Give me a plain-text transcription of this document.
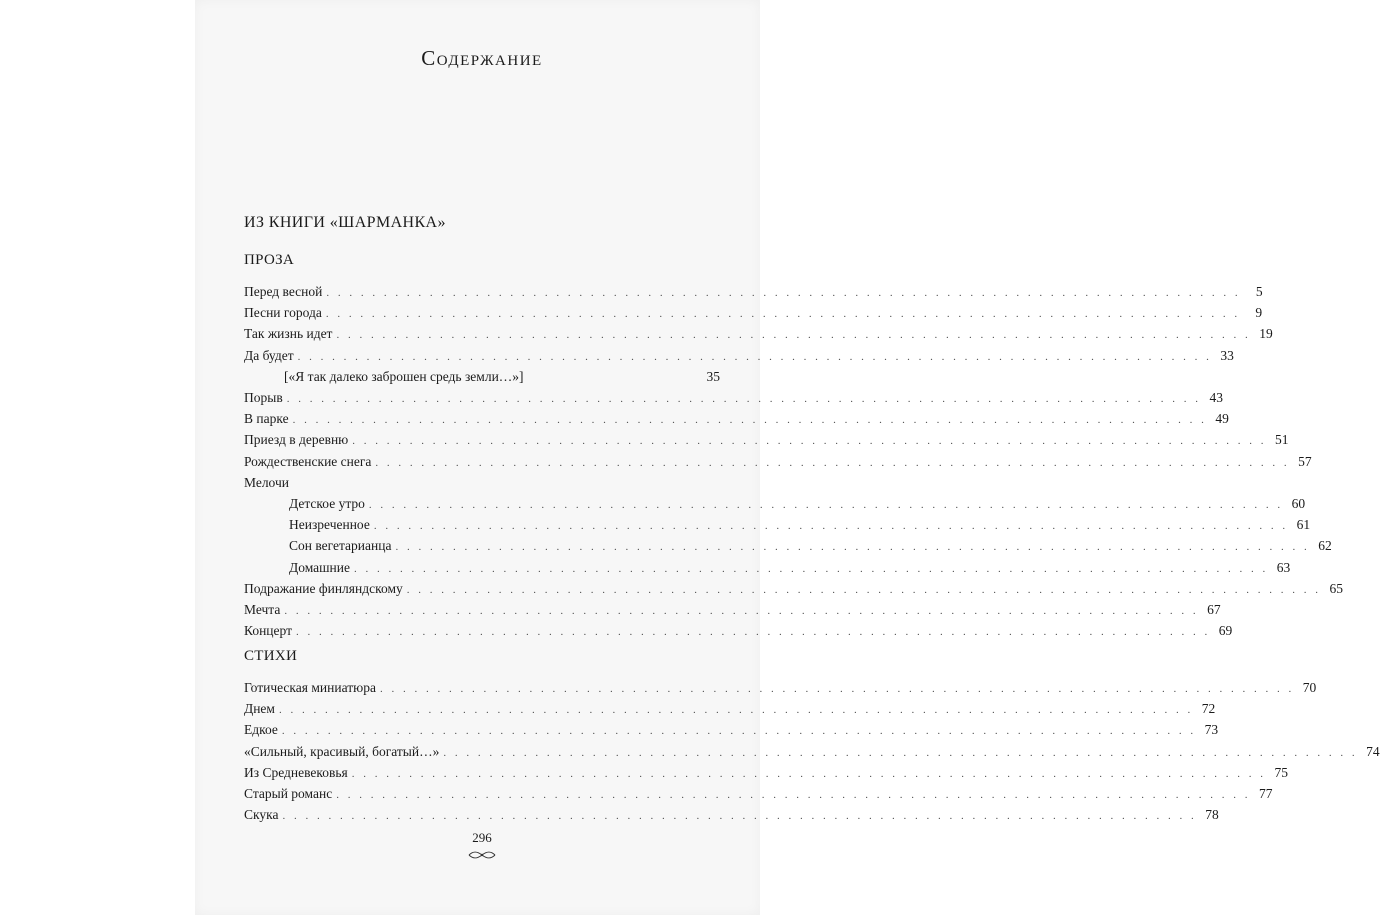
Содержание
ИЗ КНИГИ «ШАРМАНКА»
ПРОЗА
Перед весной . . . . . . . . . . . . . . . . . . . . . . . . . . . . . . . . . . . . . . . . . . . . . . . . . . . . . . . . . . . . . . . . . . . . . . . . . . . . . . . .	5
Песни города . . . . . . . . . . . . . . . . . . . . . . . . . . . . . . . . . . . . . . . . . . . . . . . . . . . . . . . . . . . . . . . . . . . . . . . . . . . . . . . .	9
Так жизнь идет . . . . . . . . . . . . . . . . . . . . . . . . . . . . . . . . . . . . . . . . . . . . . . . . . . . . . . . . . . . . . . . . . . . . . . . . . . . . . . . . 19
Да будет . . . . . . . . . . . . . . . . . . . . . . . . . . . . . . . . . . . . . . . . . . . . . . . . . . . . . . . . . . . . . . . . . . . . . . . . . . . . . . . . 33
[«Я так далеко заброшен средь земли…»]	35
Порыв . . . . . . . . . . . . . . . . . . . . . . . . . . . . . . . . . . . . . . . . . . . . . . . . . . . . . . . . . . . . . . . . . . . . . . . . . . . . . . . . 43
В парке . . . . . . . . . . . . . . . . . . . . . . . . . . . . . . . . . . . . . . . . . . . . . . . . . . . . . . . . . . . . . . . . . . . . . . . . . . . . . . . . 49
Приезд в деревню . . . . . . . . . . . . . . . . . . . . . . . . . . . . . . . . . . . . . . . . . . . . . . . . . . . . . . . . . . . . . . . . . . . . . . . . . . . . . . . . 51
Рождественские снега . . . . . . . . . . . . . . . . . . . . . . . . . . . . . . . . . . . . . . . . . . . . . . . . . . . . . . . . . . . . . . . . . . . . . . . . . . . . . . . . 57
Мелочи
Детское утро . . . . . . . . . . . . . . . . . . . . . . . . . . . . . . . . . . . . . . . . . . . . . . . . . . . . . . . . . . . . . . . . . . . . . . . . . . . . . . . . 60
Неизреченное . . . . . . . . . . . . . . . . . . . . . . . . . . . . . . . . . . . . . . . . . . . . . . . . . . . . . . . . . . . . . . . . . . . . . . . . . . . . . . . . 61
Сон вегетарианца . . . . . . . . . . . . . . . . . . . . . . . . . . . . . . . . . . . . . . . . . . . . . . . . . . . . . . . . . . . . . . . . . . . . . . . . . . . . . . . . 62
Домашние . . . . . . . . . . . . . . . . . . . . . . . . . . . . . . . . . . . . . . . . . . . . . . . . . . . . . . . . . . . . . . . . . . . . . . . . . . . . . . . . 63
Подражание финляндскому . . . . . . . . . . . . . . . . . . . . . . . . . . . . . . . . . . . . . . . . . . . . . . . . . . . . . . . . . . . . . . . . . . . . . . . . . . . . . . . . 65
Мечта . . . . . . . . . . . . . . . . . . . . . . . . . . . . . . . . . . . . . . . . . . . . . . . . . . . . . . . . . . . . . . . . . . . . . . . . . . . . . . . . 67
Концерт . . . . . . . . . . . . . . . . . . . . . . . . . . . . . . . . . . . . . . . . . . . . . . . . . . . . . . . . . . . . . . . . . . . . . . . . . . . . . . . . 69
СТИХИ
Готическая миниатюра . . . . . . . . . . . . . . . . . . . . . . . . . . . . . . . . . . . . . . . . . . . . . . . . . . . . . . . . . . . . . . . . . . . . . . . . . . . . . . . . 70
Днем . . . . . . . . . . . . . . . . . . . . . . . . . . . . . . . . . . . . . . . . . . . . . . . . . . . . . . . . . . . . . . . . . . . . . . . . . . . . . . . . 72
Едкое . . . . . . . . . . . . . . . . . . . . . . . . . . . . . . . . . . . . . . . . . . . . . . . . . . . . . . . . . . . . . . . . . . . . . . . . . . . . . . . . 73
«Сильный, красивый, богатый…» . . . . . . . . . . . . . . . . . . . . . . . . . . . . . . . . . . . . . . . . . . . . . . . . . . . . . . . . . . . . . . . . . . . . . . . . . . . . . . . . 74
Из Средневековья . . . . . . . . . . . . . . . . . . . . . . . . . . . . . . . . . . . . . . . . . . . . . . . . . . . . . . . . . . . . . . . . . . . . . . . . . . . . . . . . 75
Старый романс . . . . . . . . . . . . . . . . . . . . . . . . . . . . . . . . . . . . . . . . . . . . . . . . . . . . . . . . . . . . . . . . . . . . . . . . . . . . . . . . 77
Скука . . . . . . . . . . . . . . . . . . . . . . . . . . . . . . . . . . . . . . . . . . . . . . . . . . . . . . . . . . . . . . . . . . . . . . . . . . . . . . . . 78
296
